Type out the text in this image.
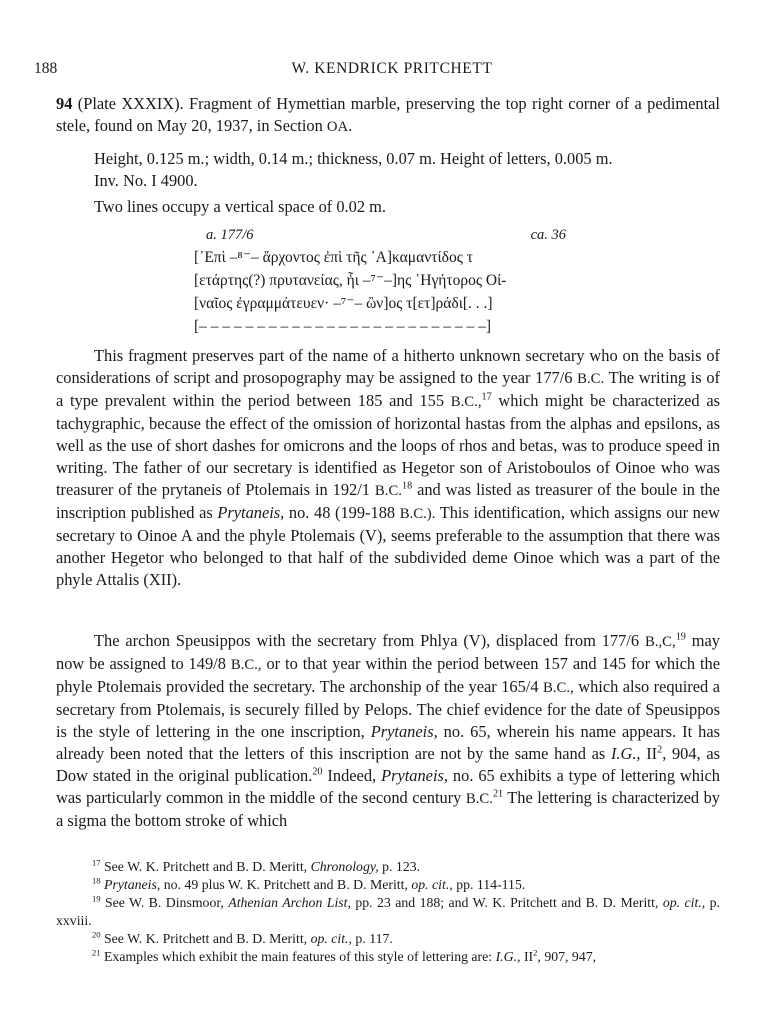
188	W. KENDRICK PRITCHETT
94 (Plate XXXIX). Fragment of Hymettian marble, preserving the top right corner of a pedimental stele, found on May 20, 1937, in Section OA.
Height, 0.125 m.; width, 0.14 m.; thickness, 0.07 m. Height of letters, 0.005 m.
Inv. No. I 4900.
Two lines occupy a vertical space of 0.02 m.
a. 177/6	ca. 36
[᾿Επὶ –⁸⁻– ἄρχοντος ἐπὶ τῆς ᾿Α]καμαντίδος τ
[ετάρτης(?) πρυτανείας, ἧι –⁷⁻–]ης ῾Ηγήτορος Οἰ-
[ναῖος ἐγραμμάτευεν· –⁷⁻– ὢν]ος τ[ετ]ράδι[. . .]
[– – – – – – – – – – – – – – – – – – – – – – – – –]
This fragment preserves part of the name of a hitherto unknown secretary who on the basis of considerations of script and prosopography may be assigned to the year 177/6 B.C. The writing is of a type prevalent within the period between 185 and 155 B.C.,$^{17}$ which might be characterized as tachygraphic, because the effect of the omission of horizontal hastas from the alphas and epsilons, as well as the use of short dashes for omicrons and the loops of rhos and betas, was to produce speed in writing. The father of our secretary is identified as Hegetor son of Aristoboulos of Oinoe who was treasurer of the prytaneis of Ptolemais in 192/1 B.C.$^{18}$ and was listed as treasurer of the boule in the inscription published as Prytaneis, no. 48 (199-188 B.C.). This identification, which assigns our new secretary to Oinoe A and the phyle Ptolemais (V), seems preferable to the assumption that there was another Hegetor who belonged to that half of the subdivided deme Oinoe which was a part of the phyle Attalis (XII).
The archon Speusippos with the secretary from Phlya (V), displaced from 177/6 B.,C,$^{19}$ may now be assigned to 149/8 B.C., or to that year within the period between 157 and 145 for which the phyle Ptolemais provided the secretary. The archonship of the year 165/4 B.C., which also required a secretary from Ptolemais, is securely filled by Pelops. The chief evidence for the date of Speusippos is the style of lettering in the one inscription, Prytaneis, no. 65, wherein his name appears. It has already been noted that the letters of this inscription are not by the same hand as I.G., $II^2$, 904, as Dow stated in the original publication.$^{20}$ Indeed, Prytaneis, no. 65 exhibits a type of lettering which was particularly common in the middle of the second century B.C.$^{21}$ The lettering is characterized by a sigma the bottom stroke of which
$^{17}$ See W. K. Pritchett and B. D. Meritt, Chronology, p. 123.
$^{18}$ Prytaneis, no. 49 plus W. K. Pritchett and B. D. Meritt, op. cit., pp. 114-115.
$^{19}$ See W. B. Dinsmoor, Athenian Archon List, pp. 23 and 188; and W. K. Pritchett and B. D. Meritt, op. cit., p. xxviii.
$^{20}$ See W. K. Pritchett and B. D. Meritt, op. cit., p. 117.
$^{21}$ Examples which exhibit the main features of this style of lettering are: I.G., $II^2$, 907, 947,
